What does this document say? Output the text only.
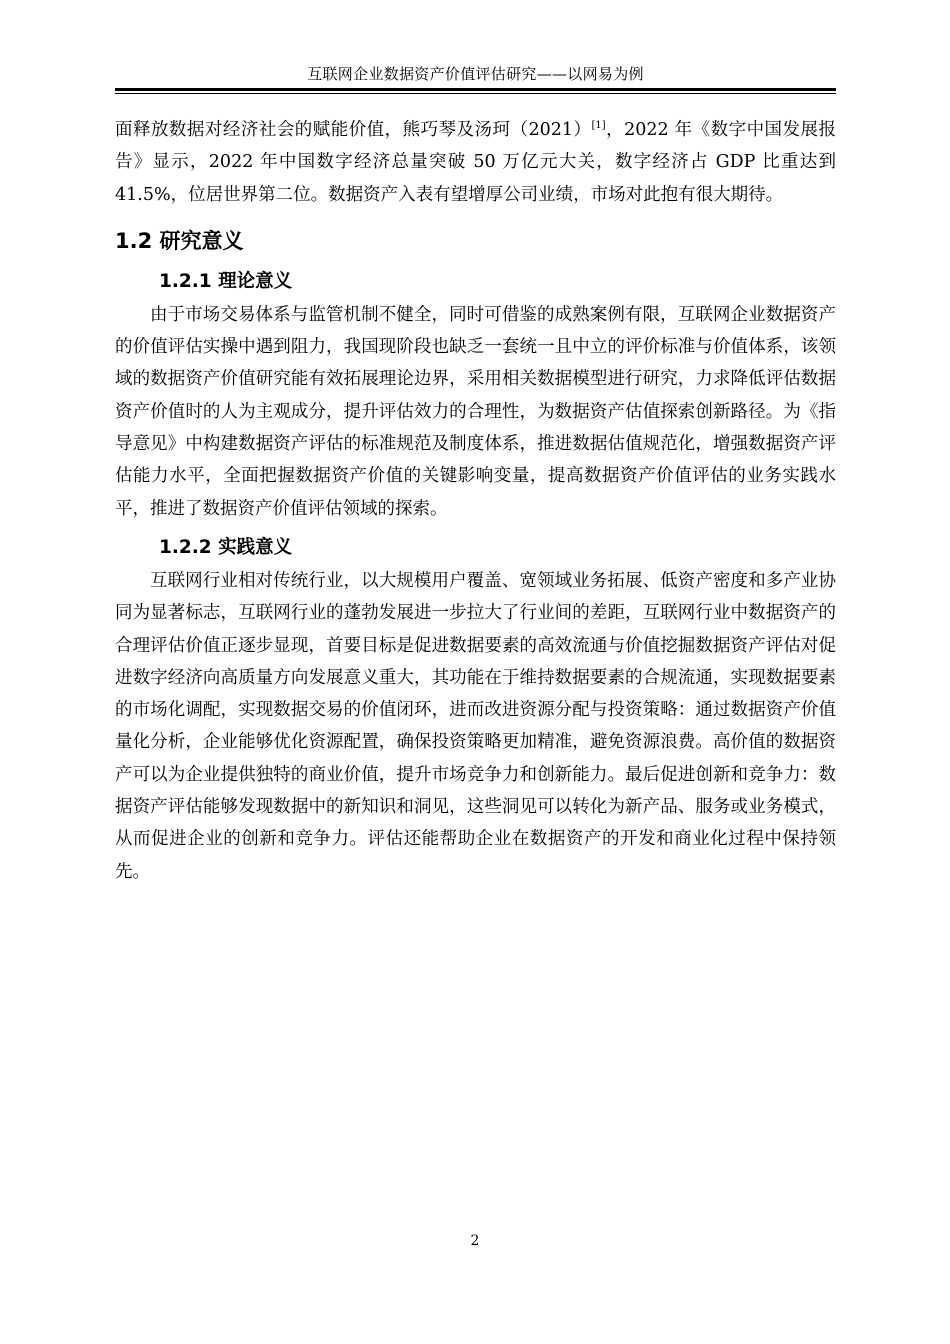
互联网企业数据资产价值评估研究——以网易为例

面释放数据对经济社会的赋能价值，熊巧琴及汤珂（2021）[1]，2022 年《数字中国发展报告》显示，2022 年中国数字经济总量突破 50 万亿元大关，数字经济占 GDP 比重达到 41.5%，位居世界第二位。数据资产入表有望增厚公司业绩，市场对此抱有很大期待。

1.2 研究意义
1.2.1 理论意义

由于市场交易体系与监管机制不健全，同时可借鉴的成熟案例有限，互联网企业数据资产的价值评估实操中遇到阻力，我国现阶段也缺乏一套统一且中立的评价标准与价值体系，该领域的数据资产价值研究能有效拓展理论边界，采用相关数据模型进行研究，力求降低评估数据资产价值时的人为主观成分，提升评估效力的合理性，为数据资产估值探索创新路径。为《指导意见》中构建数据资产评估的标准规范及制度体系，推进数据估值规范化，增强数据资产评估能力水平，全面把握数据资产价值的关键影响变量，提高数据资产价值评估的业务实践水平，推进了数据资产价值评估领域的探索。

1.2.2 实践意义

互联网行业相对传统行业，以大规模用户覆盖、宽领域业务拓展、低资产密度和多产业协同为显著标志，互联网行业的蓬勃发展进一步拉大了行业间的差距，互联网行业中数据资产的合理评估价值正逐步显现，首要目标是促进数据要素的高效流通与价值挖掘数据资产评估对促进数字经济向高质量方向发展意义重大，其功能在于维持数据要素的合规流通，实现数据要素的市场化调配，实现数据交易的价值闭环，进而改进资源分配与投资策略：通过数据资产价值量化分析，企业能够优化资源配置，确保投资策略更加精准，避免资源浪费。高价值的数据资产可以为企业提供独特的商业价值，提升市场竞争力和创新能力。最后促进创新和竞争力：数据资产评估能够发现数据中的新知识和洞见，这些洞见可以转化为新产品、服务或业务模式，从而促进企业的创新和竞争力。评估还能帮助企业在数据资产的开发和商业化过程中保持领先。

2
